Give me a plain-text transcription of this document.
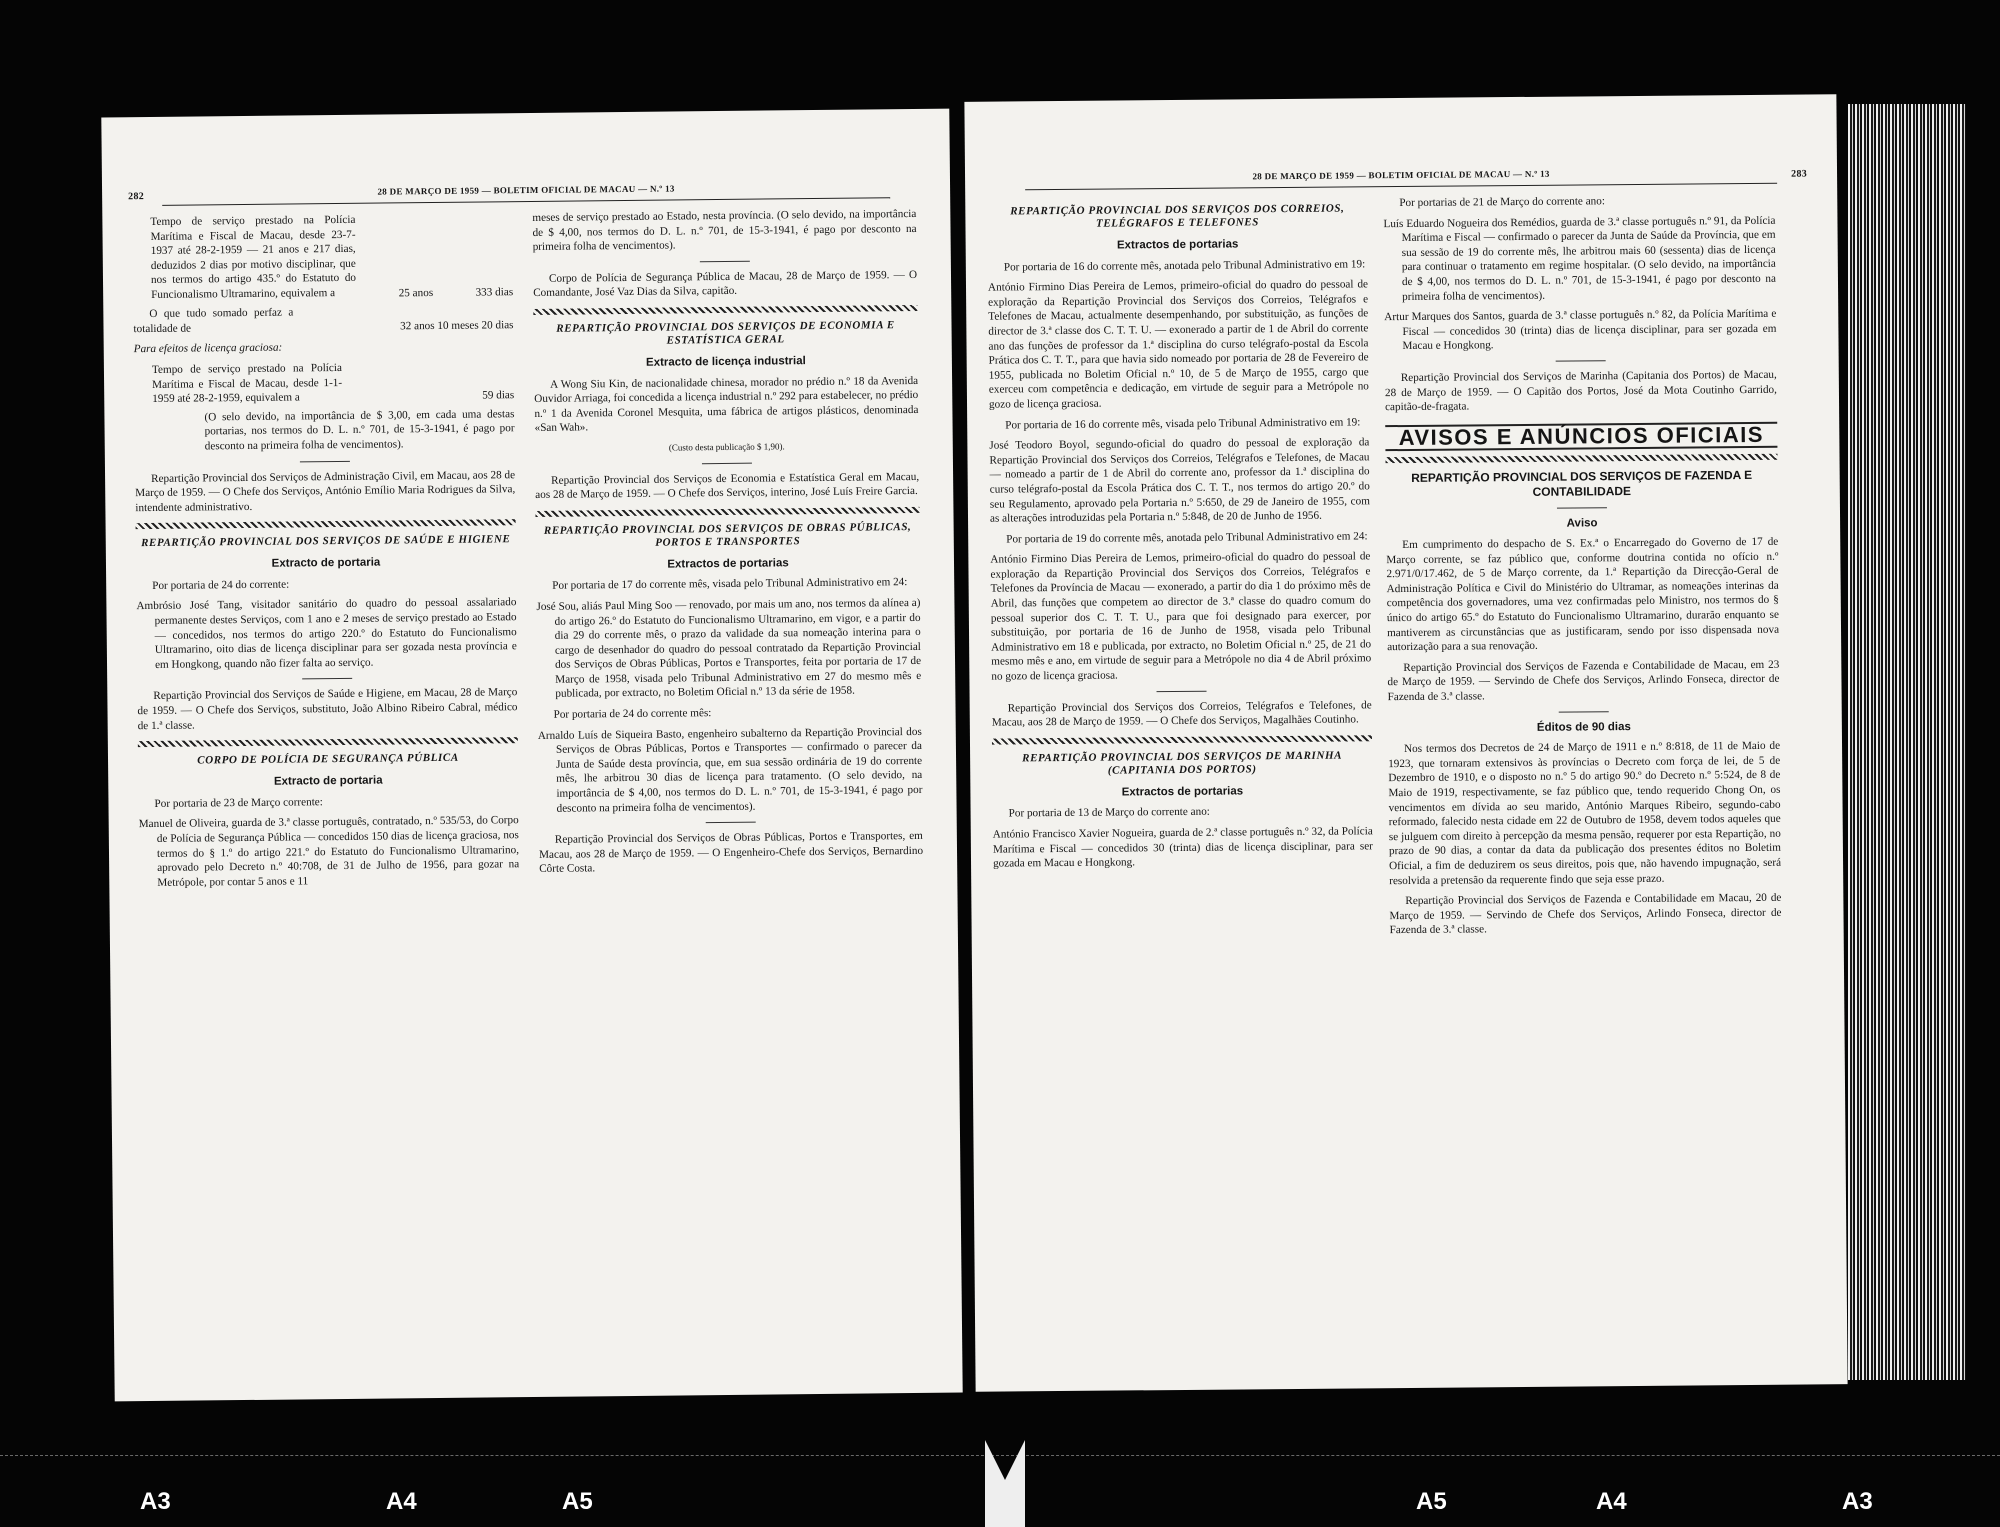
282
28 DE MARÇO DE 1959 — BOLETIM OFICIAL DE MACAU — N.º 13
Tempo de serviço prestado na Polícia Marítima e Fiscal de Macau, desde 23-7-1937 até 28-2-1959 — 21 anos e 217 dias, deduzidos 2 dias por motivo disciplinar, que nos termos do artigo 435.º do Estatuto do Funcionalismo Ultramarino, equivalem a	25 anos	333 dias
O que tudo somado perfaz a totalidade de	32 anos 10 meses 20 dias

Para efeitos de licença graciosa:

Tempo de serviço prestado na Polícia Marítima e Fiscal de Macau, desde 1-1-1959 até 28-2-1959, equivalem a	59 dias

(O selo devido, na importância de $ 3,00, em cada uma destas portarias, nos termos do D. L. n.º 701, de 15-3-1941, é pago por desconto na primeira folha de vencimentos).

Repartição Provincial dos Serviços de Administração Civil, em Macau, aos 28 de Março de 1959. — O Chefe dos Serviços, António Emílio Maria Rodrigues da Silva, intendente administrativo.

REPARTIÇÃO PROVINCIAL DOS SERVIÇOS DE SAÚDE E HIGIENE
Extracto de portaria

Por portaria de 24 do corrente:

Ambrósio José Tang, visitador sanitário do quadro do pessoal assalariado permanente destes Serviços, com 1 ano e 2 meses de serviço prestado ao Estado — concedidos, nos termos do artigo 220.º do Estatuto do Funcionalismo Ultramarino, oito dias de licença disciplinar para ser gozada nesta província e em Hongkong, quando não fizer falta ao serviço.

Repartição Provincial dos Serviços de Saúde e Higiene, em Macau, 28 de Março de 1959. — O Chefe dos Serviços, substituto, João Albino Ribeiro Cabral, médico de 1.ª classe.

CORPO DE POLÍCIA DE SEGURANÇA PÚBLICA
Extracto de portaria

Por portaria de 23 de Março corrente:

Manuel de Oliveira, guarda de 3.ª classe português, contratado, n.º 535/53, do Corpo de Polícia de Segurança Pública — concedidos 150 dias de licença graciosa, nos termos do § 1.º do artigo 221.º do Estatuto do Funcionalismo Ultramarino, aprovado pelo Decreto n.º 40:708, de 31 de Julho de 1956, para gozar na Metrópole, por contar 5 anos e 11

meses de serviço prestado ao Estado, nesta província. (O selo devido, na importância de $ 4,00, nos termos do D. L. n.º 701, de 15-3-1941, é pago por desconto na primeira folha de vencimentos).

Corpo de Polícia de Segurança Pública de Macau, 28 de Março de 1959. — O Comandante, José Vaz Dias da Silva, capitão.

REPARTIÇÃO PROVINCIAL DOS SERVIÇOS DE ECONOMIA E ESTATÍSTICA GERAL
Extracto de licença industrial

A Wong Siu Kin, de nacionalidade chinesa, morador no prédio n.º 18 da Avenida Ouvidor Arriaga, foi concedida a licença industrial n.º 292 para estabelecer, no prédio n.º 1 da Avenida Coronel Mesquita, uma fábrica de artigos plásticos, denominada «San Wah».

(Custo desta publicação $ 1,90).

Repartição Provincial dos Serviços de Economia e Estatística Geral em Macau, aos 28 de Março de 1959. — O Chefe dos Serviços, interino, José Luís Freire Garcia.

REPARTIÇÃO PROVINCIAL DOS SERVIÇOS DE OBRAS PÚBLICAS, PORTOS E TRANSPORTES
Extractos de portarias

Por portaria de 17 do corrente mês, visada pelo Tribunal Administrativo em 24:

José Sou, aliás Paul Ming Soo — renovado, por mais um ano, nos termos da alínea a) do artigo 26.º do Estatuto do Funcionalismo Ultramarino, em vigor, e a partir do dia 29 do corrente mês, o prazo da validade da sua nomeação interina para o cargo de desenhador do quadro do pessoal contratado da Repartição Provincial dos Serviços de Obras Públicas, Portos e Transportes, feita por portaria de 17 de Março de 1958, visada pelo Tribunal Administrativo em 27 do mesmo mês e publicada, por extracto, no Boletim Oficial n.º 13 da série de 1958.

Por portaria de 24 do corrente mês:

Arnaldo Luís de Siqueira Basto, engenheiro subalterno da Repartição Provincial dos Serviços de Obras Públicas, Portos e Transportes — confirmado o parecer da Junta de Saúde desta província, que, em sua sessão ordinária de 19 do corrente mês, lhe arbitrou 30 dias de licença para tratamento. (O selo devido, na importância de $ 4,00, nos termos do D. L. n.º 701, de 15-3-1941, é pago por desconto na primeira folha de vencimentos).

Repartição Provincial dos Serviços de Obras Públicas, Portos e Transportes, em Macau, aos 28 de Março de 1959. — O Engenheiro-Chefe dos Serviços, Bernardino Côrte Costa.

28 DE MARÇO DE 1959 — BOLETIM OFICIAL DE MACAU — N.º 13	283
REPARTIÇÃO PROVINCIAL DOS SERVIÇOS DOS CORREIOS, TELÉGRAFOS E TELEFONES
Extractos de portarias

Por portaria de 16 do corrente mês, anotada pelo Tribunal Administrativo em 19:

António Firmino Dias Pereira de Lemos, primeiro-oficial do quadro do pessoal de exploração da Repartição Provincial dos Serviços dos Correios, Telégrafos e Telefones de Macau, actualmente desempenhando, por substituição, as funções de director de 3.ª classe dos C. T. T. U. — exonerado a partir de 1 de Abril do corrente ano das funções de professor da 1.ª disciplina do curso telégrafo-postal da Escola Prática dos C. T. T., para que havia sido nomeado por portaria de 28 de Fevereiro de 1955, publicada no Boletim Oficial n.º 10, de 5 de Março de 1955, cargo que exerceu com competência e dedicação, em virtude de seguir para a Metrópole no gozo de licença graciosa.

Por portaria de 16 do corrente mês, visada pelo Tribunal Administrativo em 19:

José Teodoro Boyol, segundo-oficial do quadro do pessoal de exploração da Repartição Provincial dos Serviços dos Correios, Telégrafos e Telefones, de Macau — nomeado a partir de 1 de Abril do corrente ano, professor da 1.ª disciplina do curso telégrafo-postal da Escola Prática dos C. T. T., nos termos do artigo 20.º do seu Regulamento, aprovado pela Portaria n.º 5:650, de 29 de Janeiro de 1955, com as alterações introduzidas pela Portaria n.º 5:848, de 20 de Junho de 1956.

Por portaria de 19 do corrente mês, anotada pelo Tribunal Administrativo em 24:

António Firmino Dias Pereira de Lemos, primeiro-oficial do quadro do pessoal de exploração da Repartição Provincial dos Serviços dos Correios, Telégrafos e Telefones da Província de Macau — exonerado, a partir do dia 1 do próximo mês de Abril, das funções que competem ao director de 3.ª classe do quadro comum do pessoal superior dos C. T. T. U., para que foi designado para exercer, por substituição, por portaria de 16 de Junho de 1958, visada pelo Tribunal Administrativo em 18 e publicada, por extracto, no Boletim Oficial n.º 25, de 21 do mesmo mês e ano, em virtude de seguir para a Metrópole no dia 4 de Abril próximo no gozo de licença graciosa.

Repartição Provincial dos Serviços dos Correios, Telégrafos e Telefones, de Macau, aos 28 de Março de 1959. — O Chefe dos Serviços, Magalhães Coutinho.

REPARTIÇÃO PROVINCIAL DOS SERVIÇOS DE MARINHA (CAPITANIA DOS PORTOS)
Extractos de portarias

Por portaria de 13 de Março do corrente ano:

António Francisco Xavier Nogueira, guarda de 2.ª classe português n.º 32, da Polícia Marítima e Fiscal — concedidos 30 (trinta) dias de licença disciplinar, para ser gozada em Macau e Hongkong.

Por portarias de 21 de Março do corrente ano:

Luís Eduardo Nogueira dos Remédios, guarda de 3.ª classe português n.º 91, da Polícia Marítima e Fiscal — confirmado o parecer da Junta de Saúde da Província, que em sua sessão de 19 do corrente mês, lhe arbitrou mais 60 (sessenta) dias de licença para continuar o tratamento em regime hospitalar. (O selo devido, na importância de $ 4,00, nos termos do D. L. n.º 701, de 15-3-1941, é pago por desconto na primeira folha de vencimentos).

Artur Marques dos Santos, guarda de 3.ª classe português n.º 82, da Polícia Marítima e Fiscal — concedidos 30 (trinta) dias de licença disciplinar, para ser gozada em Macau e Hongkong.

Repartição Provincial dos Serviços de Marinha (Capitania dos Portos) de Macau, 28 de Março de 1959. — O Capitão dos Portos, José da Mota Coutinho Garrido, capitão-de-fragata.

AVISOS E ANÚNCIOS OFICIAIS
REPARTIÇÃO PROVINCIAL DOS SERVIÇOS DE FAZENDA E CONTABILIDADE
Aviso

Em cumprimento do despacho de S. Ex.ª o Encarregado do Governo de 17 de Março corrente, se faz público que, conforme doutrina contida no ofício n.º 2.971/0/17.462, de 5 de Março corrente, da 1.ª Repartição da Direcção-Geral de Administração Política e Civil do Ministério do Ultramar, as nomeações interinas da competência dos governadores, uma vez confirmadas pelo Ministro, nos termos do § único do artigo 65.º do Estatuto do Funcionalismo Ultramarino, durarão enquanto se mantiverem as circunstâncias que as justificaram, sendo por isso dispensada nova autorização para a sua renovação.

Repartição Provincial dos Serviços de Fazenda e Contabilidade de Macau, em 23 de Março de 1959. — Servindo de Chefe dos Serviços, Arlindo Fonseca, director de Fazenda de 3.ª classe.

Éditos de 90 dias

Nos termos dos Decretos de 24 de Março de 1911 e n.º 8:818, de 11 de Maio de 1923, que tornaram extensivos às províncias o Decreto com força de lei, de 5 de Dezembro de 1910, e o disposto no n.º 5 do artigo 90.º do Decreto n.º 5:524, de 8 de Maio de 1919, respectivamente, se faz público que, tendo requerido Chong On, os vencimentos em dívida ao seu marido, António Marques Ribeiro, segundo-cabo reformado, falecido nesta cidade em 22 de Outubro de 1958, devem todos aqueles que se julguem com direito à percepção da mesma pensão, requerer por esta Repartição, no prazo de 90 dias, a contar da data da publicação dos presentes éditos no Boletim Oficial, a fim de deduzirem os seus direitos, pois que, não havendo impugnação, será resolvida a pretensão da requerente findo que seja esse prazo.

Repartição Provincial dos Serviços de Fazenda e Contabilidade em Macau, 20 de Março de 1959. — Servindo de Chefe dos Serviços, Arlindo Fonseca, director de Fazenda de 3.ª classe.

A3	A4	A5	A5	A4	A3
